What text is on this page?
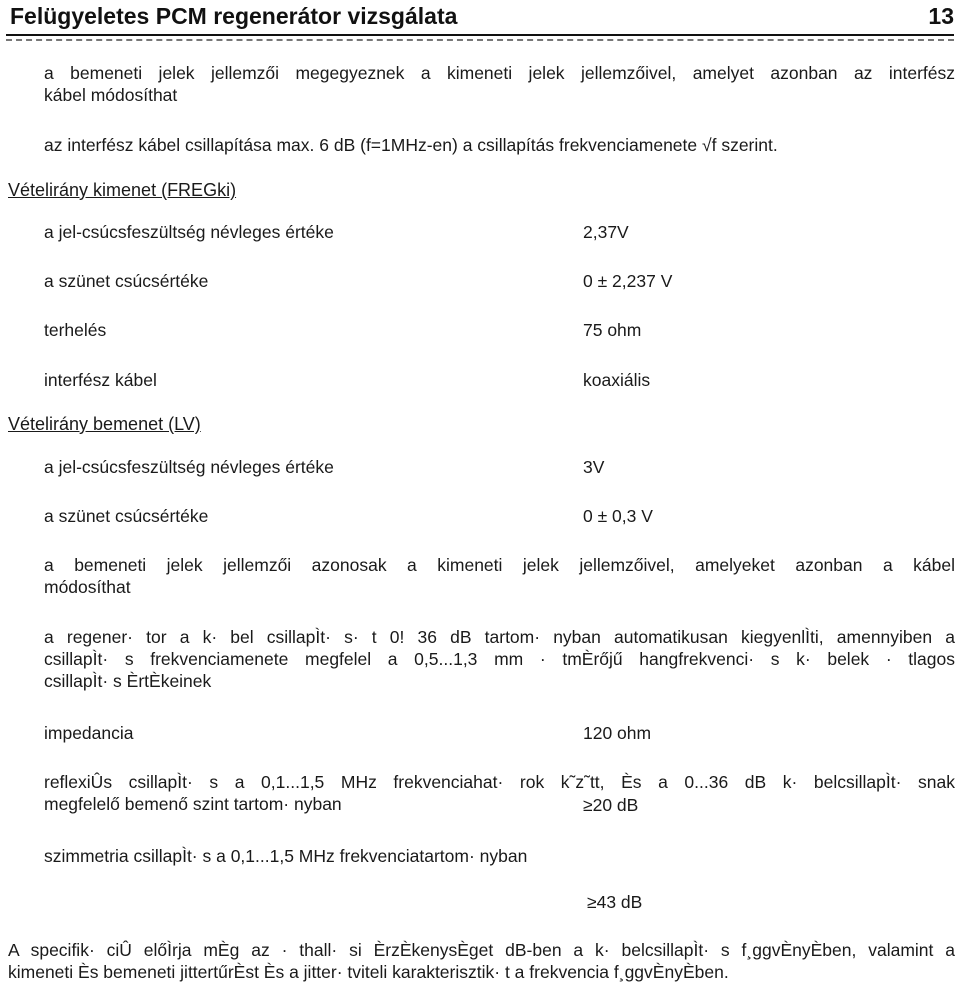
Felügyeletes PCM regenerátor vizsgálata	13
a bemeneti jelek jellemzői megegyeznek a kimeneti jelek jellemzőivel, amelyet azonban az interfész
kábel módosíthat
az interfész kábel csillapítása max. 6 dB (f=1MHz-en) a csillapítás frekvenciamenete √f szerint.
Vételirány kimenet (FREGki)
a jel-csúcsfeszültség névleges értéke	2,37V
a szünet csúcsértéke	0 ± 2,237 V
terhelés	75 ohm
interfész kábel	koaxiális
Vételirány bemenet (LV)
a jel-csúcsfeszültség névleges értéke	3V
a szünet csúcsértéke	0 ± 0,3 V
a bemeneti jelek jellemzői azonosak a kimeneti jelek jellemzőivel, amelyeket azonban a kábel
módosíthat
a regener· tor a k· bel csillapÌt· s· t 0! 36 dB tartom· nyban automatikusan kiegyenlÌti, amennyiben a
csillapÌt· s frekvenciamenete megfelel a 0,5...1,3 mm · tmÈrőjű hangfrekvenci· s k· belek · tlagos
csillapÌt· s ÈrtÈkeinek
impedancia	120 ohm
reflexiÛs csillapÌt· s a 0,1...1,5 MHz frekvenciahat· rok k˜z˜tt, Ès a 0...36 dB k· belcsillapÌt· snak
megfelelő bemenő szint tartom· nyban	≥20 dB
szimmetria csillapÌt· s a 0,1...1,5 MHz frekvenciatartom· nyban
≥43 dB
A specifik· ciÛ előÌrja mÈg az · thall· si ÈrzÈkenysÈget dB-ben a k· belcsillapÌt· s f¸ggvÈnyÈben, valamint a
kimeneti Ès bemeneti jittertűrÈst Ès a jitter· tviteli karakterisztik· t a frekvencia f¸ggvÈnyÈben.
